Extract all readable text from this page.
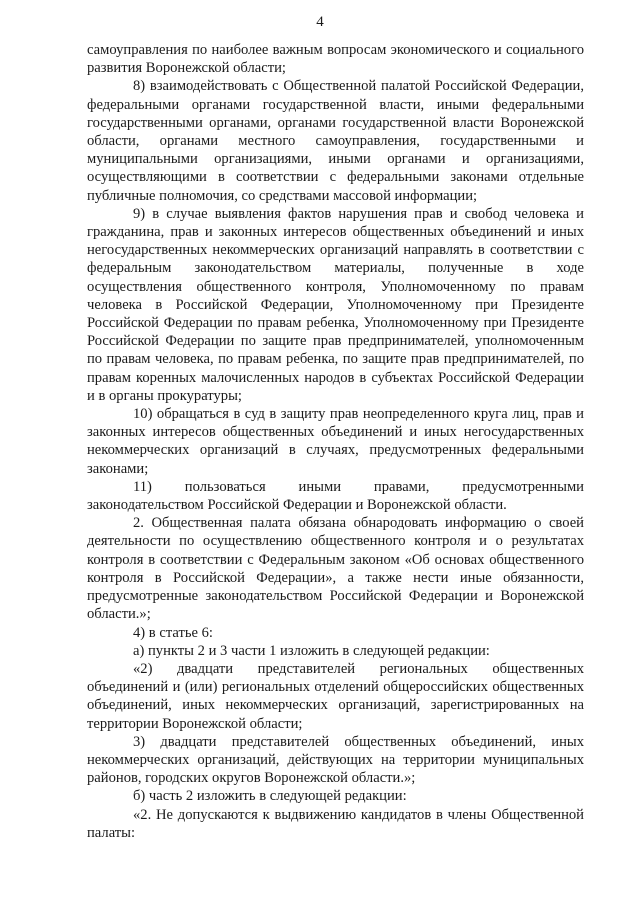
4

самоуправления по наиболее важным вопросам экономического и социального развития Воронежской области;

8) взаимодействовать с Общественной палатой Российской Федерации, федеральными органами государственной власти, иными федеральными государственными органами, органами государственной власти Воронежской области, органами местного самоуправления, государственными и муниципальными организациями, иными органами и организациями, осуществляющими в соответствии с федеральными законами отдельные публичные полномочия, со средствами массовой информации;

9) в случае выявления фактов нарушения прав и свобод человека и гражданина, прав и законных интересов общественных объединений и иных негосударственных некоммерческих организаций направлять в соответствии с федеральным законодательством материалы, полученные в ходе осуществления общественного контроля, Уполномоченному по правам человека в Российской Федерации, Уполномоченному при Президенте Российской Федерации по правам ребенка, Уполномоченному при Президенте Российской Федерации по защите прав предпринимателей, уполномоченным по правам человека, по правам ребенка, по защите прав предпринимателей, по правам коренных малочисленных народов в субъектах Российской Федерации и в органы прокуратуры;

10) обращаться в суд в защиту прав неопределенного круга лиц, прав и законных интересов общественных объединений и иных негосударственных некоммерческих организаций в случаях, предусмотренных федеральными законами;

11) пользоваться иными правами, предусмотренными законодательством Российской Федерации и Воронежской области.

2. Общественная палата обязана обнародовать информацию о своей деятельности по осуществлению общественного контроля и о результатах контроля в соответствии с Федеральным законом «Об основах общественного контроля в Российской Федерации», а также нести иные обязанности, предусмотренные законодательством Российской Федерации и Воронежской области.»;

4) в статье 6:

а) пункты 2 и 3 части 1 изложить в следующей редакции:

«2) двадцати представителей региональных общественных объединений и (или) региональных отделений общероссийских общественных объединений, иных некоммерческих организаций, зарегистрированных на территории Воронежской области;

3) двадцати представителей общественных объединений, иных некоммерческих организаций, действующих на территории муниципальных районов, городских округов Воронежской области.»;

б) часть 2 изложить в следующей редакции:

«2. Не допускаются к выдвижению кандидатов в члены Общественной палаты:
